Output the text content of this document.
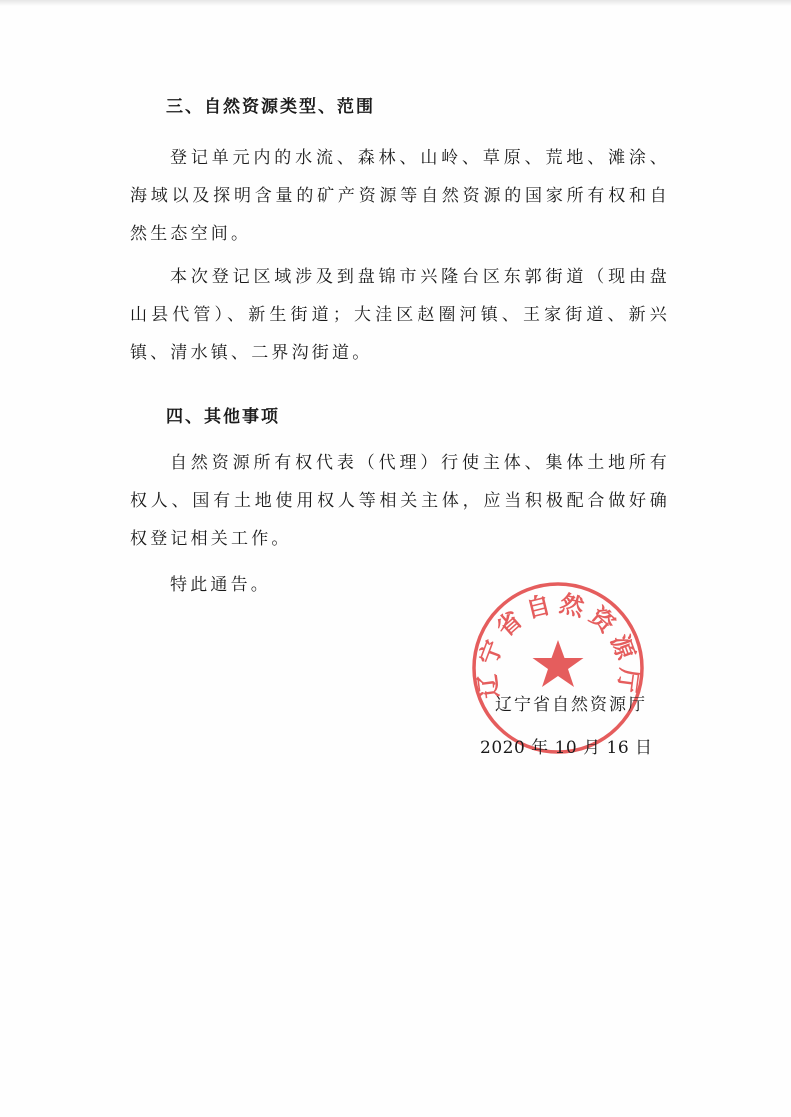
三、自然资源类型、范围

登记单元内的水流、森林、山岭、草原、荒地、滩涂、海域以及探明含量的矿产资源等自然资源的国家所有权和自然生态空间。

本次登记区域涉及到盘锦市兴隆台区东郭街道（现由盘山县代管）、新生街道；大洼区赵圈河镇、王家街道、新兴镇、清水镇、二界沟街道。

四、其他事项

自然资源所有权代表（代理）行使主体、集体土地所有权人、国有土地使用权人等相关主体，应当积极配合做好确权登记相关工作。

特此通告。

辽宁省自然资源厅
辽宁省自然资源厅
2020 年 10 月 16 日
